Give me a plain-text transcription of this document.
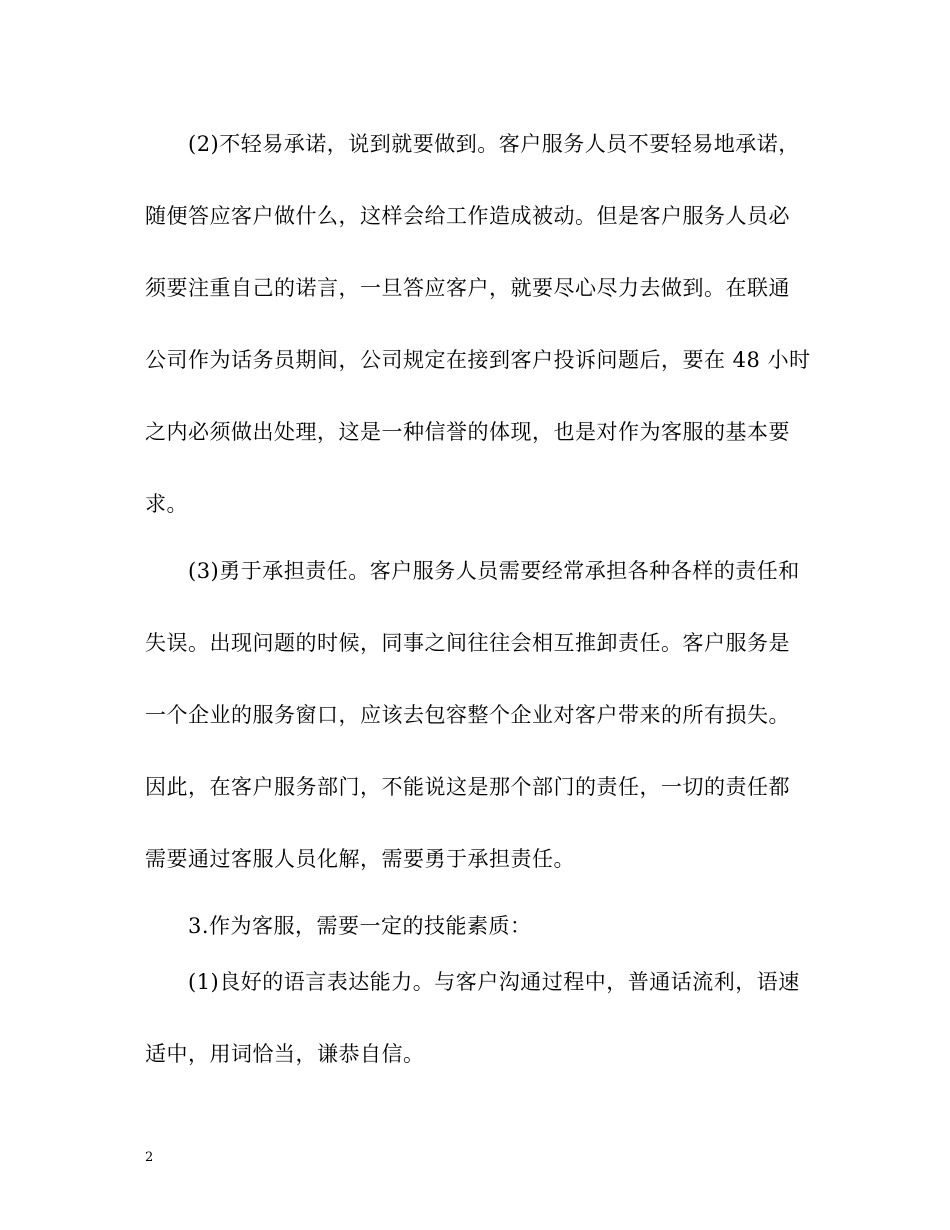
(2)不轻易承诺，说到就要做到。客户服务人员不要轻易地承诺，
随便答应客户做什么，这样会给工作造成被动。但是客户服务人员必
须要注重自己的诺言，一旦答应客户，就要尽心尽力去做到。在联通
公司作为话务员期间，公司规定在接到客户投诉问题后，要在 48 小时
之内必须做出处理，这是一种信誉的体现，也是对作为客服的基本要
求。
(3)勇于承担责任。客户服务人员需要经常承担各种各样的责任和
失误。出现问题的时候，同事之间往往会相互推卸责任。客户服务是
一个企业的服务窗口，应该去包容整个企业对客户带来的所有损失。
因此，在客户服务部门，不能说这是那个部门的责任，一切的责任都
需要通过客服人员化解，需要勇于承担责任。
3.作为客服，需要一定的技能素质：
(1)良好的语言表达能力。与客户沟通过程中，普通话流利，语速
适中，用词恰当，谦恭自信。
2
